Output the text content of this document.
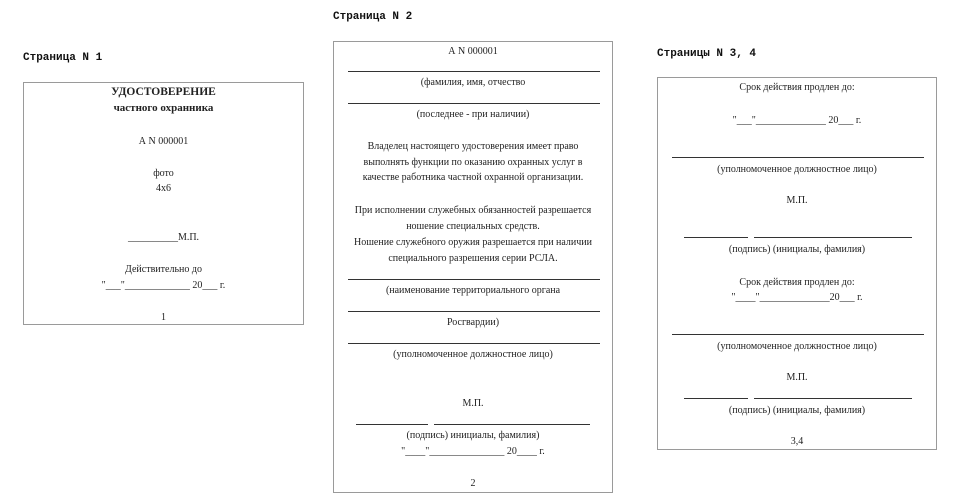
Страница N 1
Страница N 2
Страницы N 3, 4
УДОСТОВЕРЕНИЕ
частного охранника
А N 000001
фото
4x6
__________М.П.
Действительно до
"___"_____________ 20___ г.
1
А N 000001
(фамилия, имя, отчество
(последнее - при наличии)
Владелец настоящего удостоверения имеет право выполнять функции по оказанию охранных услуг в качестве работника частной охранной организации.
При исполнении служебных обязанностей разрешается ношение специальных средств.
Ношение служебного оружия разрешается при наличии специального разрешения серии РСЛА.
(наименование территориального органа
Росгвардии)
(уполномоченное должностное лицо)
М.П.
(подпись) инициалы, фамилия)
"____"_______________ 20____ г.
2
Срок действия продлен до:
"___"______________ 20___ г.
(уполномоченное должностное лицо)
М.П.
(подпись) (инициалы, фамилия)
Срок действия продлен до:
"____"______________20___ г.
(уполномоченное должностное лицо)
М.П.
(подпись) (инициалы, фамилия)
3,4
